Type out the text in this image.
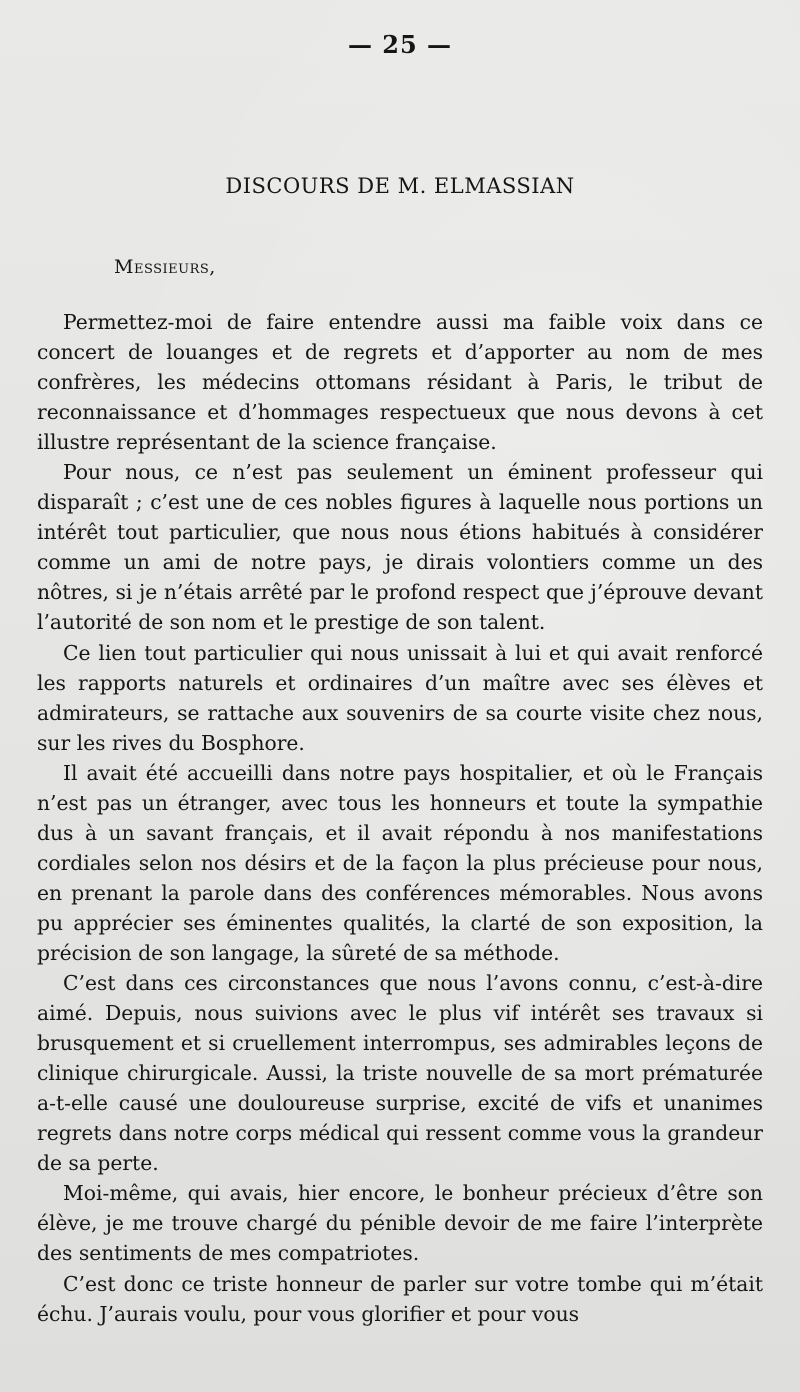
— 25 —
DISCOURS DE M. ELMASSIAN
Messieurs,

Permettez-moi de faire entendre aussi ma faible voix dans ce concert de louanges et de regrets et d’apporter au nom de mes confrères, les médecins ottomans résidant à Paris, le tribut de reconnaissance et d’hommages respectueux que nous devons à cet illustre représentant de la science française.

Pour nous, ce n’est pas seulement un éminent professeur qui disparaît ; c’est une de ces nobles figures à laquelle nous portions un intérêt tout particulier, que nous nous étions habitués à considérer comme un ami de notre pays, je dirais volontiers comme un des nôtres, si je n’étais arrêté par le profond respect que j’éprouve devant l’autorité de son nom et le prestige de son talent.

Ce lien tout particulier qui nous unissait à lui et qui avait renforcé les rapports naturels et ordinaires d’un maître avec ses élèves et admirateurs, se rattache aux souvenirs de sa courte visite chez nous, sur les rives du Bosphore.

Il avait été accueilli dans notre pays hospitalier, et où le Français n’est pas un étranger, avec tous les honneurs et toute la sympathie dus à un savant français, et il avait répondu à nos manifestations cordiales selon nos désirs et de la façon la plus précieuse pour nous, en prenant la parole dans des conférences mémorables. Nous avons pu apprécier ses éminentes qualités, la clarté de son exposition, la précision de son langage, la sûreté de sa méthode.

C’est dans ces circonstances que nous l’avons connu, c’est-à-dire aimé. Depuis, nous suivions avec le plus vif intérêt ses travaux si brusquement et si cruellement interrompus, ses admirables leçons de clinique chirurgicale. Aussi, la triste nouvelle de sa mort prématurée a-t-elle causé une douloureuse surprise, excité de vifs et unanimes regrets dans notre corps médical qui ressent comme vous la grandeur de sa perte.

Moi-même, qui avais, hier encore, le bonheur précieux d’être son élève, je me trouve chargé du pénible devoir de me faire l’interprète des sentiments de mes compatriotes.

C’est donc ce triste honneur de parler sur votre tombe qui m’était échu. J’aurais voulu, pour vous glorifier et pour vous
